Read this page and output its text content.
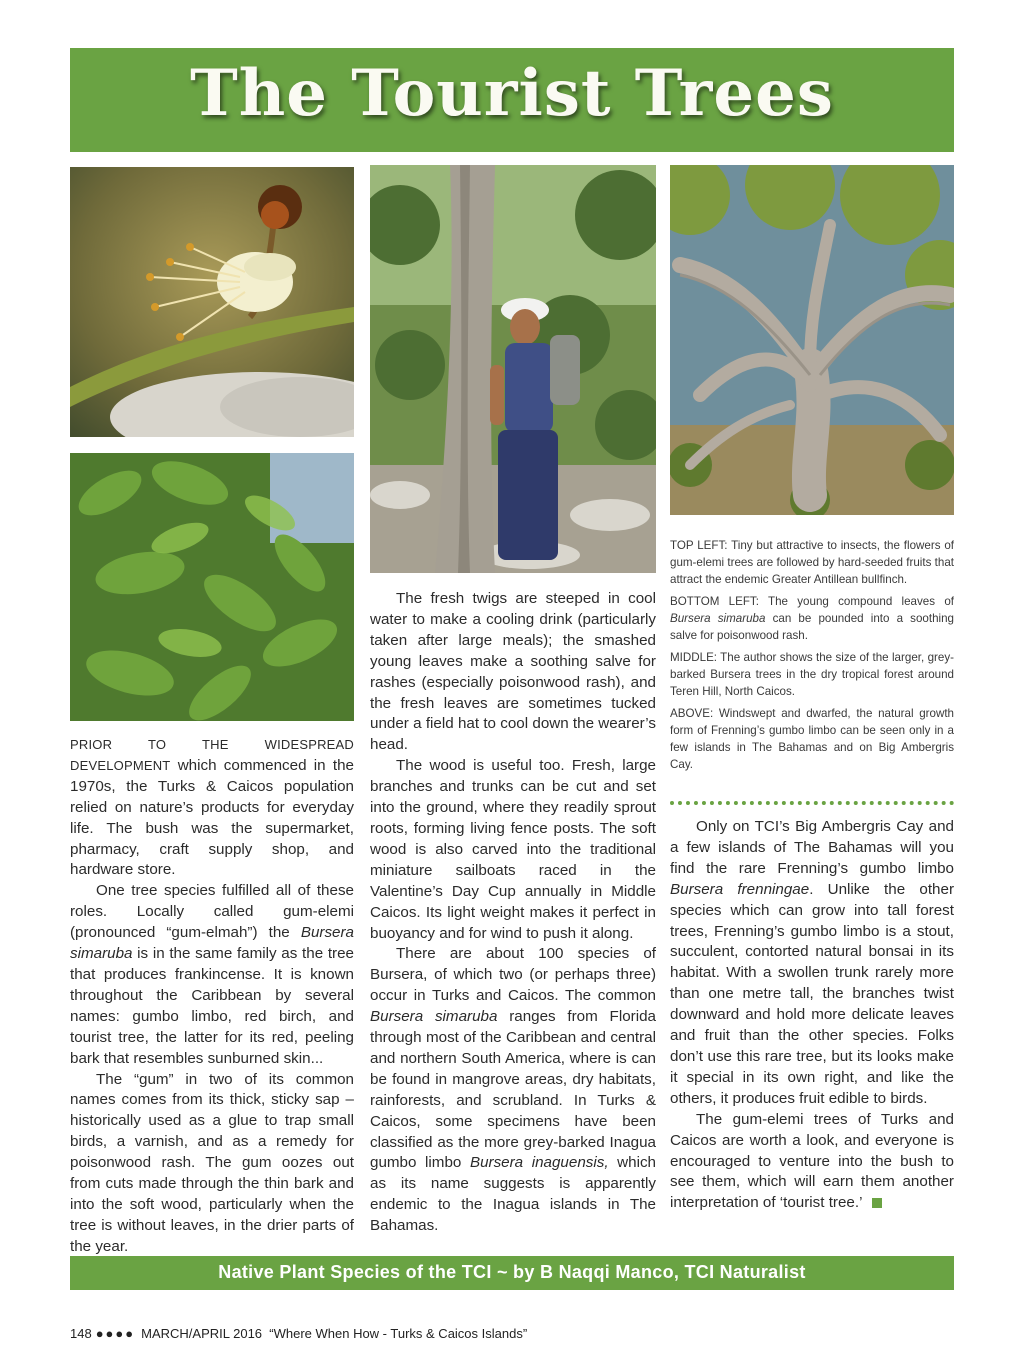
The Tourist Trees

PRIOR TO THE WIDESPREAD DEVELOPMENT which commenced in the 1970s, the Turks & Caicos population relied on nature’s products for everyday life. The bush was the supermarket, pharmacy, craft supply shop, and hardware store.

One tree species fulfilled all of these roles. Locally called gum-elemi (pronounced “gum-elmah”) the Bursera simaruba is in the same family as the tree that produces frankincense. It is known throughout the Caribbean by several names: gumbo limbo, red birch, and tourist tree, the latter for its red, peeling bark that resembles sunburned skin...

The “gum” in two of its common names comes from its thick, sticky sap – historically used as a glue to trap small birds, a varnish, and as a remedy for poisonwood rash. The gum oozes out from cuts made through the thin bark and into the soft wood, particularly when the tree is without leaves, in the drier parts of the year.

The fresh twigs are steeped in cool water to make a cooling drink (particularly taken after large meals); the smashed young leaves make a soothing salve for rashes (especially poisonwood rash), and the fresh leaves are sometimes tucked under a field hat to cool down the wearer’s head.

The wood is useful too. Fresh, large branches and trunks can be cut and set into the ground, where they readily sprout roots, forming living fence posts. The soft wood is also carved into the traditional miniature sailboats raced in the Valentine’s Day Cup annually in Middle Caicos. Its light weight makes it perfect in buoyancy and for wind to push it along.

There are about 100 species of Bursera, of which two (or perhaps three) occur in Turks and Caicos. The common Bursera simaruba ranges from Florida through most of the Caribbean and central and northern South America, where is can be found in mangrove areas, dry habitats, rainforests, and scrubland. In Turks & Caicos, some specimens have been classified as the more grey-barked Inagua gumbo limbo Bursera inaguensis, which as its name suggests is apparently endemic to the Inagua islands in The Bahamas.

TOP LEFT: Tiny but attractive to insects, the flowers of gum-elemi trees are followed by hard-seeded fruits that attract the endemic Greater Antillean bullfinch.

BOTTOM LEFT: The young compound leaves of Bursera simaruba can be pounded into a soothing salve for poisonwood rash.

MIDDLE: The author shows the size of the larger, grey-barked Bursera trees in the dry tropical forest around Teren Hill, North Caicos.

ABOVE: Windswept and dwarfed, the natural growth form of Frenning’s gumbo limbo can be seen only in a few islands in The Bahamas and on Big Ambergris Cay.

Only on TCI’s Big Ambergris Cay and a few islands of The Bahamas will you find the rare Frenning’s gumbo limbo Bursera frenningae. Unlike the other species which can grow into tall forest trees, Frenning’s gumbo limbo is a stout, succulent, contorted natural bonsai in its habitat. With a swollen trunk rarely more than one metre tall, the branches twist downward and hold more delicate leaves and fruit than the other species. Folks don’t use this rare tree, but its looks make it special in its own right, and like the others, it produces fruit edible to birds.

The gum-elemi trees of Turks and Caicos are worth a look, and everyone is encouraged to venture into the bush to see them, which will earn them another interpretation of ‘tourist tree.’

Native Plant Species of the TCI ~ by B Naqqi Manco, TCI Naturalist
148 ●●●● MARCH/APRIL 2016 “Where When How - Turks & Caicos Islands”
